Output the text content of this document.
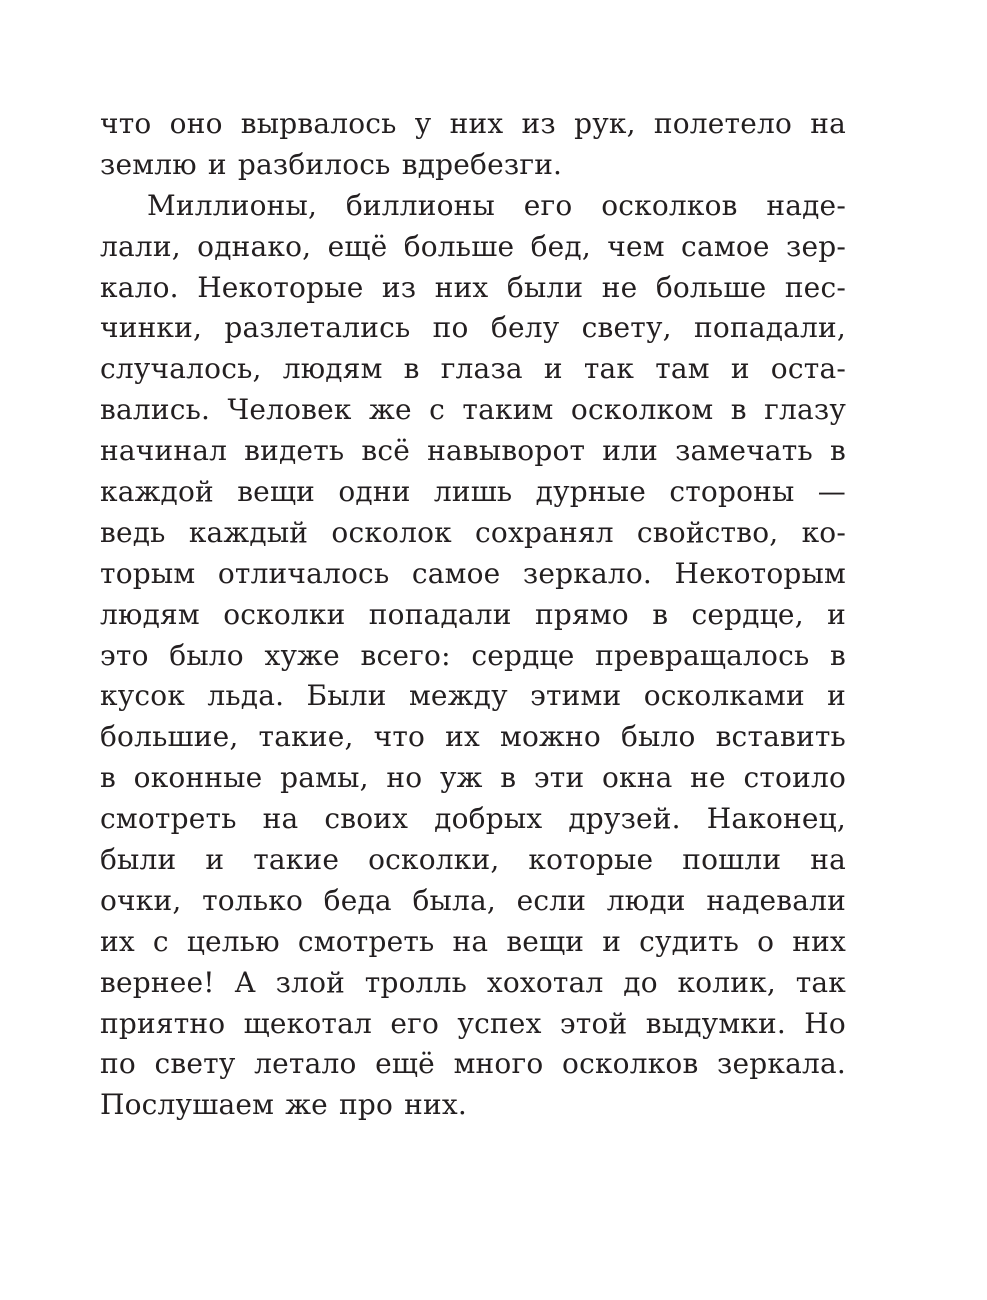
что оно вырвалось у них из рук, полетело на
землю и разбилось вдребезги.
Миллионы, биллионы его осколков наде-
лали, однако, ещё больше бед, чем самое зер-
кало. Некоторые из них были не больше пес-
чинки, разлетались по белу свету, попадали,
случалось, людям в глаза и так там и оста-
вались. Человек же с таким осколком в глазу
начинал видеть всё навыворот или замечать в
каждой вещи одни лишь дурные стороны —
ведь каждый осколок сохранял свойство, ко-
торым отличалось самое зеркало. Некоторым
людям осколки попадали прямо в сердце, и
это было хуже всего: сердце превращалось в
кусок льда. Были между этими осколками и
большие, такие, что их можно было вставить
в оконные рамы, но уж в эти окна не стоило
смотреть на своих добрых друзей. Наконец,
были и такие осколки, которые пошли на
очки, только беда была, если люди надевали
их с целью смотреть на вещи и судить о них
вернее! А злой тролль хохотал до колик, так
приятно щекотал его успех этой выдумки. Но
по свету летало ещё много осколков зеркала.
Послушаем же про них.
